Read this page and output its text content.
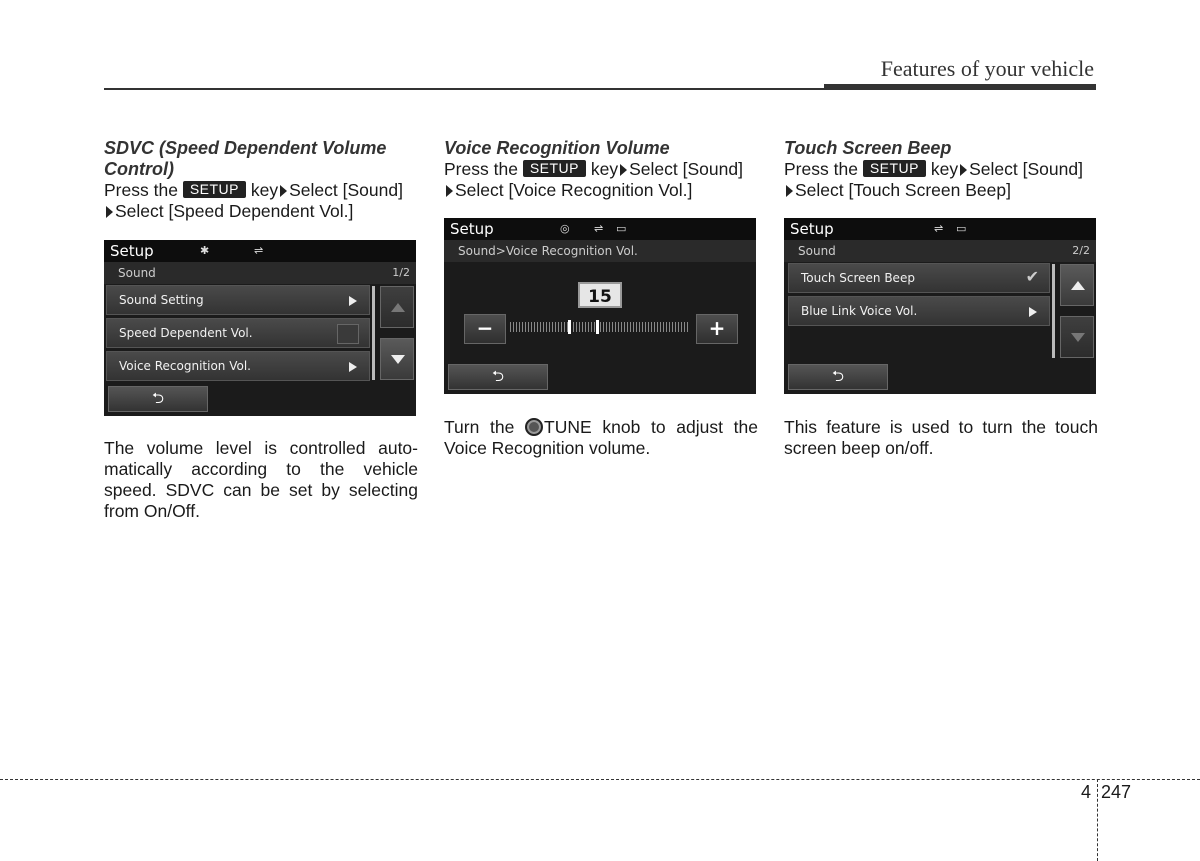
Features of your vehicle

SDVC (Speed Dependent Volume Control)

Press the SETUP key Select [Sound]
Select [Speed Dependent Vol.]

Setup	✱	⇌
Sound	1/2
Sound Setting
Speed Dependent Vol.
Voice Recognition Vol.
⮌

The volume level is controlled auto-matically according to the vehicle speed. SDVC can be set by selecting from On/Off.

Voice Recognition Volume

Press the SETUP key Select [Sound]
Select [Voice Recognition Vol.]

Setup	◎ ⇌ ▭
Sound>Voice Recognition Vol.
15
−	+
⮌

Turn the TUNE knob to adjust the Voice Recognition volume.

Touch Screen Beep

Press the SETUP key Select [Sound]
Select [Touch Screen Beep]

Setup	⇌ ▭
Sound	2/2
Touch Screen Beep	✔
Blue Link Voice Vol.
⮌

This feature is used to turn the touch screen beep on/off.

4 247
